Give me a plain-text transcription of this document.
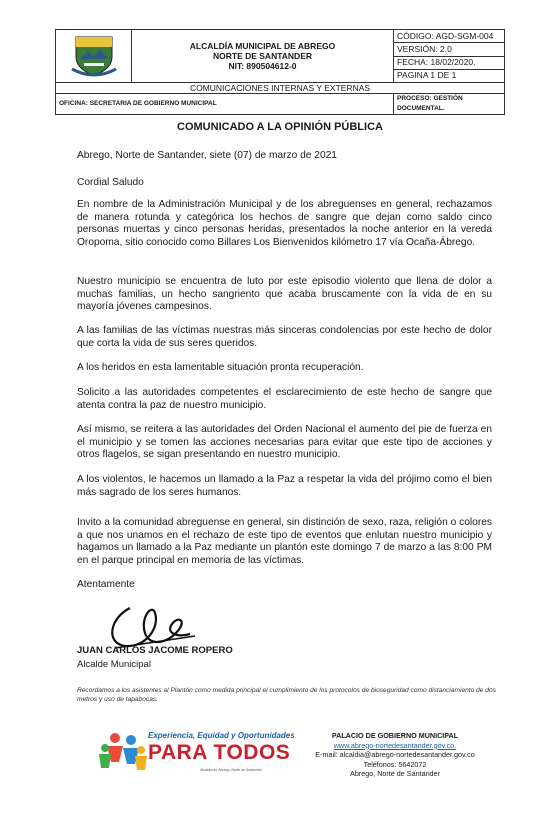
ALCALDÍA MUNICIPAL DE ABREGO
NORTE DE SANTANDER
NIT: 890504612-0	CÓDIGO: AGD-SGM-004
		VERSIÓN: 2.0
		FECHA: 18/02/2020.
		PAGINA 1 DE 1
COMUNICACIONES INTERNAS Y EXTERNAS		
OFICINA: SECRETARIA DE GOBIERNO MUNICIPAL		PROCESO: GESTIÓN DOCUMENTAL.
COMUNICADO A LA OPINIÓN PÚBLICA
Abrego, Norte de Santander, siete (07) de marzo de 2021
Cordial Saludo
En nombre de la Administración Municipal y de los abreguenses en general, rechazamos de manera rotunda y categórica los hechos de sangre que dejan como saldo cinco personas muertas y cinco personas heridas, presentados la noche anterior en la vereda Oropoma, sitio conocido como Billares Los Bienvenidos kilómetro 17 vía Ocaña-Ábrego.
Nuestro municipio se encuentra de luto por este episodio violento que llena de dolor a muchas familias, un hecho sangriento que acaba bruscamente con la vida de en su mayoría jóvenes campesinos.
A las familias de las víctimas nuestras más sinceras condolencias por este hecho de dolor que corta la vida de sus seres queridos.
A los heridos en esta lamentable situación pronta recuperación.
Solicito a las autoridades competentes el esclarecimiento de este hecho de sangre que atenta contra la paz de nuestro municipio.
Así mismo, se reitera a las autoridades del Orden Nacional el aumento del pie de fuerza en el municipio y se tomen las acciones necesarias para evitar que este tipo de acciones y otros flagelos, se sigan presentando en nuestro municipio.
A los violentos, le hacemos un llamado a la Paz a respetar la vida del prójimo como el bien más sagrado de los seres humanos.
Invito a la comunidad abreguense en general, sin distinción de sexo, raza, religión o colores a que nos unamos en el rechazo de este tipo de eventos que enlutan nuestro municipio y hagamos un llamado a la Paz mediante un plantón este domingo 7 de marzo a las 8:00 PM en el parque principal en memoria de las víctimas.
Atentamente
JUAN CARLOS JACOME ROPERO
Alcalde Municipal
Recordamos a los asistentes al Plantón como medida principal el cumplimiento de los protocolos de bioseguridad como distanciamiento de dos metros y uso de tapabocas.
Experiencia, Equidad y Oportunidades
PARA TODOS
Alcaldía de Ábrego, Norte de Santander
PALACIO DE GOBIERNO MUNICIPAL
www.abrego-nortedesantander.gov.co.
E-mail: alcaldia@abrego-nortedesantander.gov.co
Teléfonos: 5642072
Abrego, Norte de Santander
